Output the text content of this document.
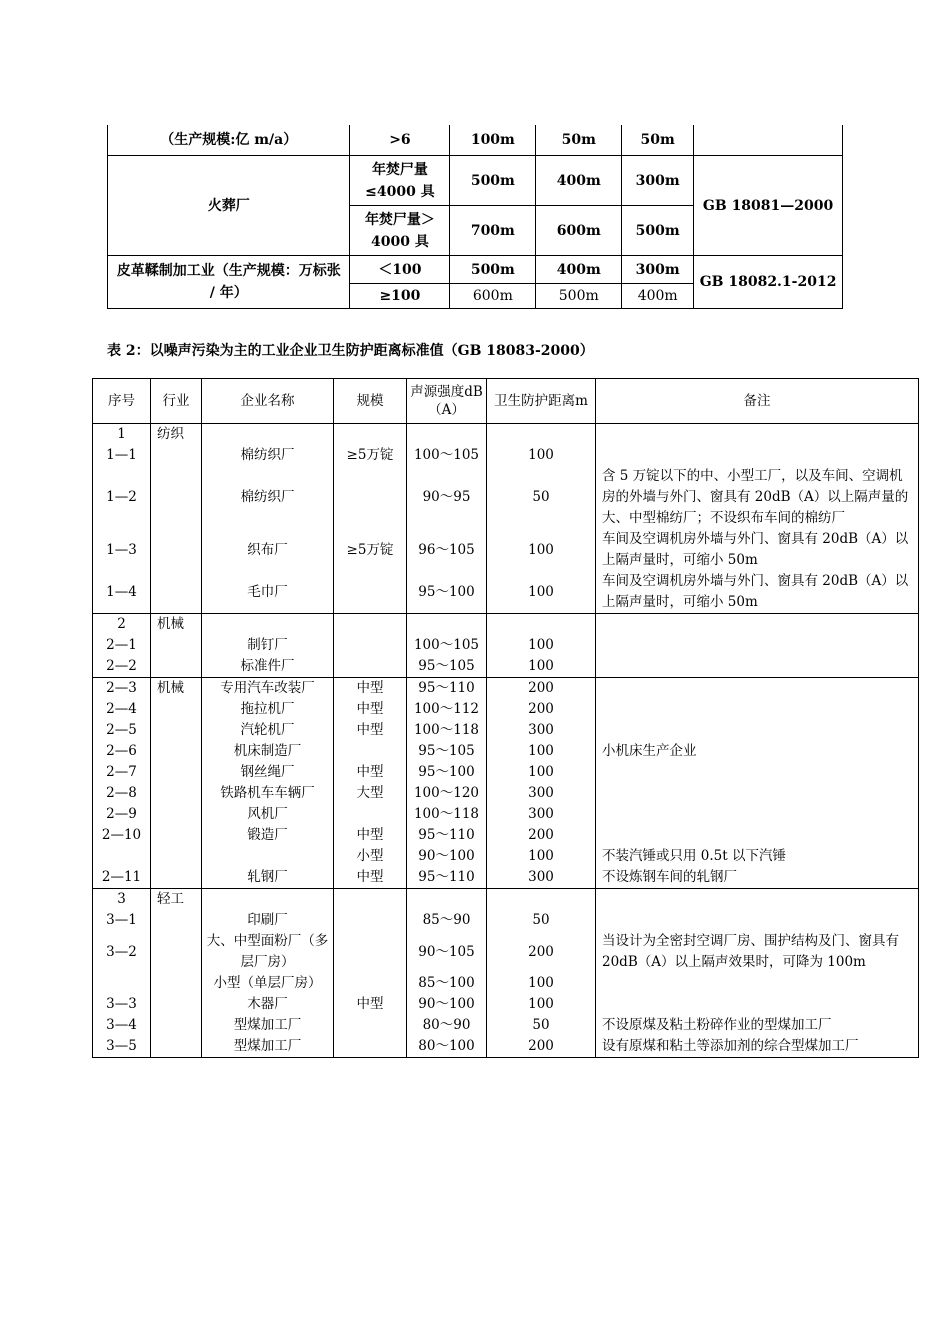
（生产规模:亿 m/a）	>6	100m	50m	50m	
火葬厂	年焚尸量≤4000 具	500m	400m	300m	GB 18081—2000
	年焚尸量＞4000 具	700m	600m	500m	
皮革鞣制加工业（生产规模：万标张 / 年）	＜100	500m	400m	300m	GB 18082.1-2012
	≥100	600m	500m	400m	
表 2：以噪声污染为主的工业企业卫生防护距离标准值（GB 18083-2000）
序号	行业	企业名称	规模	声源强度dB（A）	卫生防护距离m	备注
1	纺织					
1—1		棉纺织厂	≥5万锭	100～105	100	
1—2		棉纺织厂		90～95	50	含 5 万锭以下的中、小型工厂，以及车间、空调机房的外墙与外门、窗具有 20dB（A）以上隔声量的大、中型棉纺厂；不设织布车间的棉纺厂
1—3		织布厂	≥5万锭	96～105	100	车间及空调机房外墙与外门、窗具有 20dB（A）以上隔声量时，可缩小 50m
1—4		毛巾厂		95～100	100	车间及空调机房外墙与外门、窗具有 20dB（A）以上隔声量时，可缩小 50m
2	机械					
2—1		制钉厂		100～105	100	
2—2		标准件厂		95～105	100	
2—3	机械	专用汽车改装厂	中型	95～110	200	
2—4		拖拉机厂	中型	100～112	200	
2—5		汽轮机厂	中型	100～118	300	
2—6		机床制造厂		95～105	100	小机床生产企业
2—7		钢丝绳厂	中型	95～100	100	
2—8		铁路机车车辆厂	大型	100～120	300	
2—9		风机厂		100～118	300	
2—10		锻造厂	中型	95～110	200	
			小型	90～100	100	不装汽锤或只用 0.5t 以下汽锤
2—11		轧钢厂	中型	95～110	300	不设炼钢车间的轧钢厂
3	轻工					
3—1		印刷厂		85～90	50	
3—2		大、中型面粉厂（多层厂房）		90～105	200	当设计为全密封空调厂房、围护结构及门、窗具有 20dB（A）以上隔声效果时，可降为 100m
		小型（单层厂房）		85～100	100	
3—3		木器厂	中型	90～100	100	
3—4		型煤加工厂		80～90	50	不设原煤及粘土粉碎作业的型煤加工厂
3—5		型煤加工厂		80～100	200	设有原煤和粘土等添加剂的综合型煤加工厂
